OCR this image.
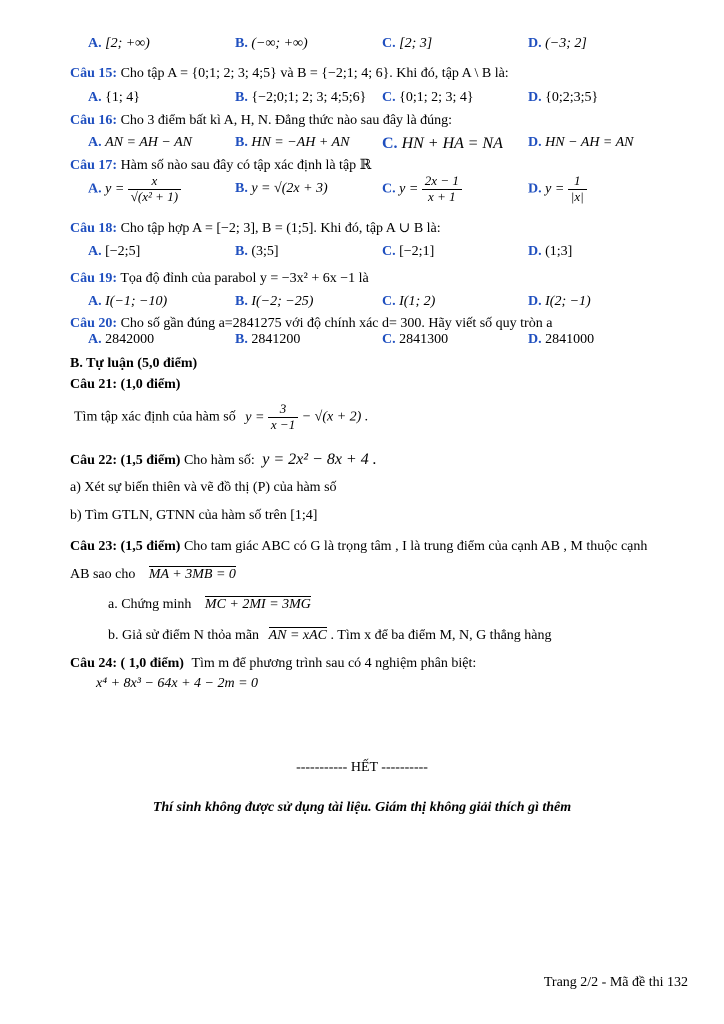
A. [2; +∞)	B. (−∞; +∞)	C. [2; 3]	D. (−3; 2]
Câu 15: Cho tập A = {0;1; 2; 3; 4;5} và B = {−2;1; 4; 6}. Khi đó, tập A \ B là:
A. {1; 4}	B. {−2;0;1; 2; 3; 4;5;6} C. {0;1; 2; 3; 4}	D. {0;2;3;5}
Câu 16: Cho 3 điểm bất kì A, H, N. Đẳng thức nào sau đây là đúng:
A. AN = AH − AN	B. HN = −AH + AN C. HN + HA = NA D. HN − AH = AN
Câu 17: Hàm số nào sau đây có tập xác định là tập ℝ
A. $y = \frac{x}{\text{√(x² + 1)}}$	B. y = √(2x + 3)	C. $y = \frac{2x - 1}{x + 1}$	D. $y = \frac{1}{|x|}$
Câu 18: Cho tập hợp A = [−2; 3], B = (1;5]. Khi đó, tập A ∪ B là:
A. [−2;5]	B. (3;5]	C. [−2;1]	D. (1;3]
Câu 19: Tọa độ đỉnh của parabol y = −3x² + 6x −1 là
A. I(−1; −10)	B. I(−2; −25)	C. I(1; 2)	D. I(2; −1)
Câu 20: Cho số gần đúng a=2841275 với độ chính xác d= 300. Hãy viết số quy tròn a
A. 2842000	B. 2841200	C. 2841300	D. 2841000
B. Tự luận (5,0 điểm)
Câu 21: (1,0 điểm)
Tìm tập xác định của hàm số $y = \frac{3}{x -1} - √(x + 2)$ .
Câu 22: (1,5 điểm) Cho hàm số: y = 2x² − 8x + 4 .
a) Xét sự biến thiên và vẽ đồ thị (P) của hàm số
b) Tìm GTLN, GTNN của hàm số trên [1;4]
Câu 23: (1,5 điểm) Cho tam giác ABC có G là trọng tâm , I là trung điểm của cạnh AB , M thuộc cạnh
AB sao cho MA + 3MB = 0
a. Chứng minh MC + 2MI = 3MG
b. Giả sử điểm N thỏa mãn AN = xAC . Tìm x để ba điểm M, N, G thẳng hàng
Câu 24: ( 1,0 điểm) Tìm m để phương trình sau có 4 nghiệm phân biệt:
x⁴ + 8x³ − 64x + 4 − 2m = 0
----------- HẾT ----------
Thí sinh không được sử dụng tài liệu. Giám thị không giải thích gì thêm
Trang 2/2 - Mã đề thi 132
